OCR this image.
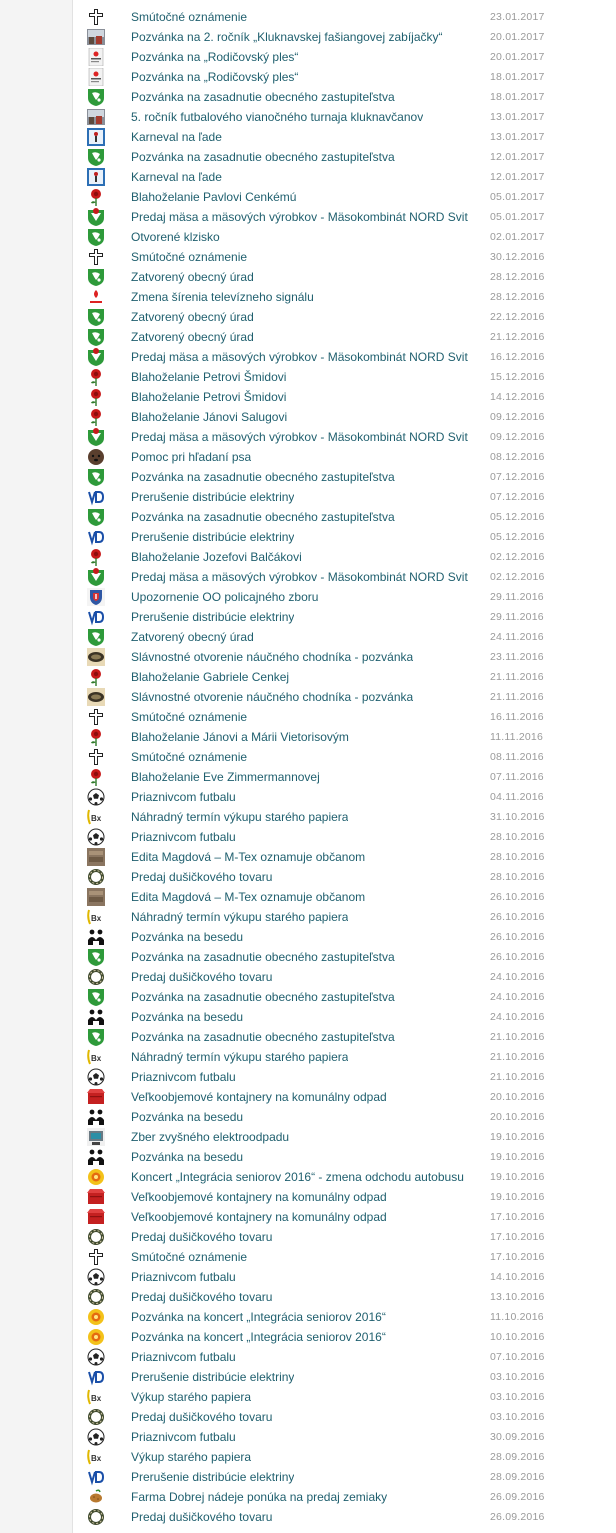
Smútočné oznámenie	23.01.2017
Pozvánka na 2. ročník „Kluknavskej fašiangovej zabíjačky“	20.01.2017
Pozvánka na „Rodičovský ples“	20.01.2017
Pozvánka na „Rodičovský ples“	18.01.2017
Pozvánka na zasadnutie obecného zastupiteľstva	18.01.2017
5. ročník futbalového vianočného turnaja kluknavčanov	13.01.2017
Karneval na ľade	13.01.2017
Pozvánka na zasadnutie obecného zastupiteľstva	12.01.2017
Karneval na ľade	12.01.2017
Blahoželanie Pavlovi Cenkémú	05.01.2017
Predaj mäsa a mäsových výrobkov - Mäsokombinát NORD Svit 05.01.2017
Otvorené klzisko	02.01.2017
Smútočné oznámenie	30.12.2016
Zatvorený obecný úrad	28.12.2016
Zmena šírenia televízneho signálu	28.12.2016
Zatvorený obecný úrad	22.12.2016
Zatvorený obecný úrad	21.12.2016
Predaj mäsa a mäsových výrobkov - Mäsokombinát NORD Svit 16.12.2016
Blahoželanie Petrovi Šmidovi	15.12.2016
Blahoželanie Petrovi Šmidovi	14.12.2016
Blahoželanie Jánovi Salugovi	09.12.2016
Predaj mäsa a mäsových výrobkov - Mäsokombinát NORD Svit 09.12.2016
Pomoc pri hľadaní psa	08.12.2016
Pozvánka na zasadnutie obecného zastupiteľstva	07.12.2016
Prerušenie distribúcie elektriny	07.12.2016
Pozvánka na zasadnutie obecného zastupiteľstva	05.12.2016
Prerušenie distribúcie elektriny	05.12.2016
Blahoželanie Jozefovi Balčákovi	02.12.2016
Predaj mäsa a mäsových výrobkov - Mäsokombinát NORD Svit 02.12.2016
Upozornenie OO policajného zboru	29.11.2016
Prerušenie distribúcie elektriny	29.11.2016
Zatvorený obecný úrad	24.11.2016
Slávnostné otvorenie náučného chodníka - pozvánka	23.11.2016
Blahoželanie Gabriele Cenkej	21.11.2016
Slávnostné otvorenie náučného chodníka - pozvánka	21.11.2016
Smútočné oznámenie	16.11.2016
Blahoželanie Jánovi a Márii Vietorisovým	11.11.2016
Smútočné oznámenie	08.11.2016
Blahoželanie Eve Zimmermannovej	07.11.2016
Priaznivcom futbalu	04.11.2016
Bx Náhradný termín výkupu starého papiera	31.10.2016
Priaznivcom futbalu	28.10.2016
Edita Magdová – M-Tex oznamuje občanom	28.10.2016
Predaj dušičkového tovaru	28.10.2016
Edita Magdová – M-Tex oznamuje občanom	26.10.2016
Bx Náhradný termín výkupu starého papiera	26.10.2016
Pozvánka na besedu	26.10.2016
Pozvánka na zasadnutie obecného zastupiteľstva	26.10.2016
Predaj dušičkového tovaru	24.10.2016
Pozvánka na zasadnutie obecného zastupiteľstva	24.10.2016
Pozvánka na besedu	24.10.2016
Pozvánka na zasadnutie obecného zastupiteľstva	21.10.2016
Bx Náhradný termín výkupu starého papiera	21.10.2016
Priaznivcom futbalu	21.10.2016
Veľkoobjemové kontajnery na komunálny odpad	20.10.2016
Pozvánka na besedu	20.10.2016
Zber zvyšného elektroodpadu	19.10.2016
Pozvánka na besedu	19.10.2016
Koncert „Integrácia seniorov 2016“ - zmena odchodu autobusu 19.10.2016
Veľkoobjemové kontajnery na komunálny odpad	19.10.2016
Veľkoobjemové kontajnery na komunálny odpad	17.10.2016
Predaj dušičkového tovaru	17.10.2016
Smútočné oznámenie	17.10.2016
Priaznivcom futbalu	14.10.2016
Predaj dušičkového tovaru	13.10.2016
Pozvánka na koncert „Integrácia seniorov 2016“	11.10.2016
Pozvánka na koncert „Integrácia seniorov 2016“	10.10.2016
Priaznivcom futbalu	07.10.2016
Prerušenie distribúcie elektriny	03.10.2016
Bx Výkup starého papiera	03.10.2016
Predaj dušičkového tovaru	03.10.2016
Priaznivcom futbalu	30.09.2016
Bx Výkup starého papiera	28.09.2016
Prerušenie distribúcie elektriny	28.09.2016
Farma Dobrej nádeje ponúka na predaj zemiaky	26.09.2016
Predaj dušičkového tovaru	26.09.2016
